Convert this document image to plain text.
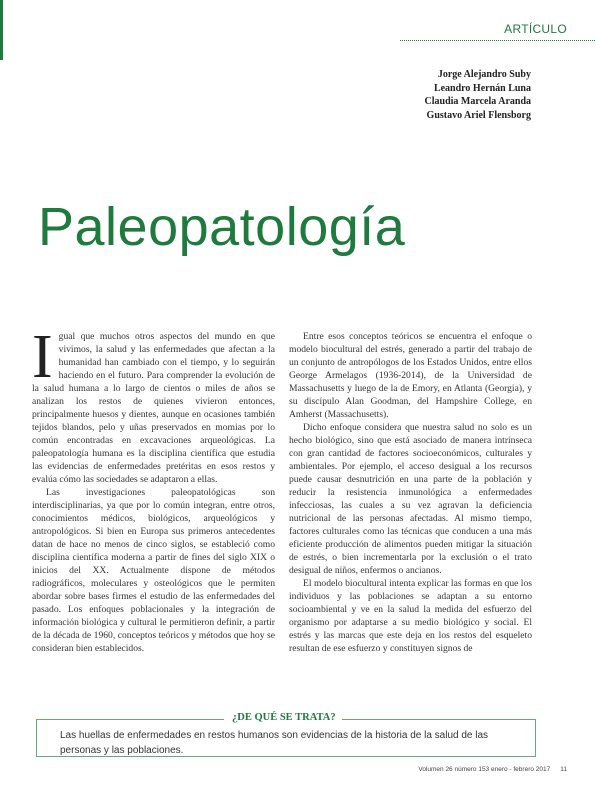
ARTÍCULO
Jorge Alejandro Suby
Leandro Hernán Luna
Claudia Marcela Aranda
Gustavo Ariel Flensborg
Paleopatología

Igual que muchos otros aspectos del mundo en que vivimos, la salud y las enfermedades que afectan a la humanidad han cambiado con el tiempo, y lo seguirán haciendo en el futuro. Para comprender la evolución de la salud humana a lo largo de cientos o miles de años se analizan los restos de quienes vivieron entonces, principalmente huesos y dientes, aunque en ocasiones también tejidos blandos, pelo y uñas preservados en momias por lo común encontradas en excavaciones arqueológicas. La paleopatología humana es la disciplina científica que estudia las evidencias de enfermedades pretéritas en esos restos y evalúa cómo las sociedades se adaptaron a ellas.

Las investigaciones paleopatológicas son interdisciplinarias, ya que por lo común integran, entre otros, conocimientos médicos, biológicos, arqueológicos y antropológicos. Si bien en Europa sus primeros antecedentes datan de hace no menos de cinco siglos, se estableció como disciplina científica moderna a partir de fines del siglo XIX o inicios del XX. Actualmente dispone de métodos radiográficos, moleculares y osteológicos que le permiten abordar sobre bases firmes el estudio de las enfermedades del pasado. Los enfoques poblacionales y la integración de información biológica y cultural le permitieron definir, a partir de la década de 1960, conceptos teóricos y métodos que hoy se consideran bien establecidos.

Entre esos conceptos teóricos se encuentra el enfoque o modelo biocultural del estrés, generado a partir del trabajo de un conjunto de antropólogos de los Estados Unidos, entre ellos George Armelagos (1936-2014), de la Universidad de Massachusetts y luego de la de Emory, en Atlanta (Georgia), y su discípulo Alan Goodman, del Hampshire College, en Amherst (Massachusetts).

Dicho enfoque considera que nuestra salud no solo es un hecho biológico, sino que está asociado de manera intrínseca con gran cantidad de factores socioeconómicos, culturales y ambientales. Por ejemplo, el acceso desigual a los recursos puede causar desnutrición en una parte de la población y reducir la resistencia inmunológica a enfermedades infecciosas, las cuales a su vez agravan la deficiencia nutricional de las personas afectadas. Al mismo tiempo, factores culturales como las técnicas que conducen a una más eficiente producción de alimentos pueden mitigar la situación de estrés, o bien incrementarla por la exclusión o el trato desigual de niños, enfermos o ancianos.

El modelo biocultural intenta explicar las formas en que los individuos y las poblaciones se adaptan a su entorno socioambiental y ve en la salud la medida del esfuerzo del organismo por adaptarse a su medio biológico y social. El estrés y las marcas que este deja en los restos del esqueleto resultan de ese esfuerzo y constituyen signos de

¿DE QUÉ SE TRATA?
Las huellas de enfermedades en restos humanos son evidencias de la historia de la salud de las personas y las poblaciones.
Volumen 26 número 153 enero - febrero 2017 11
